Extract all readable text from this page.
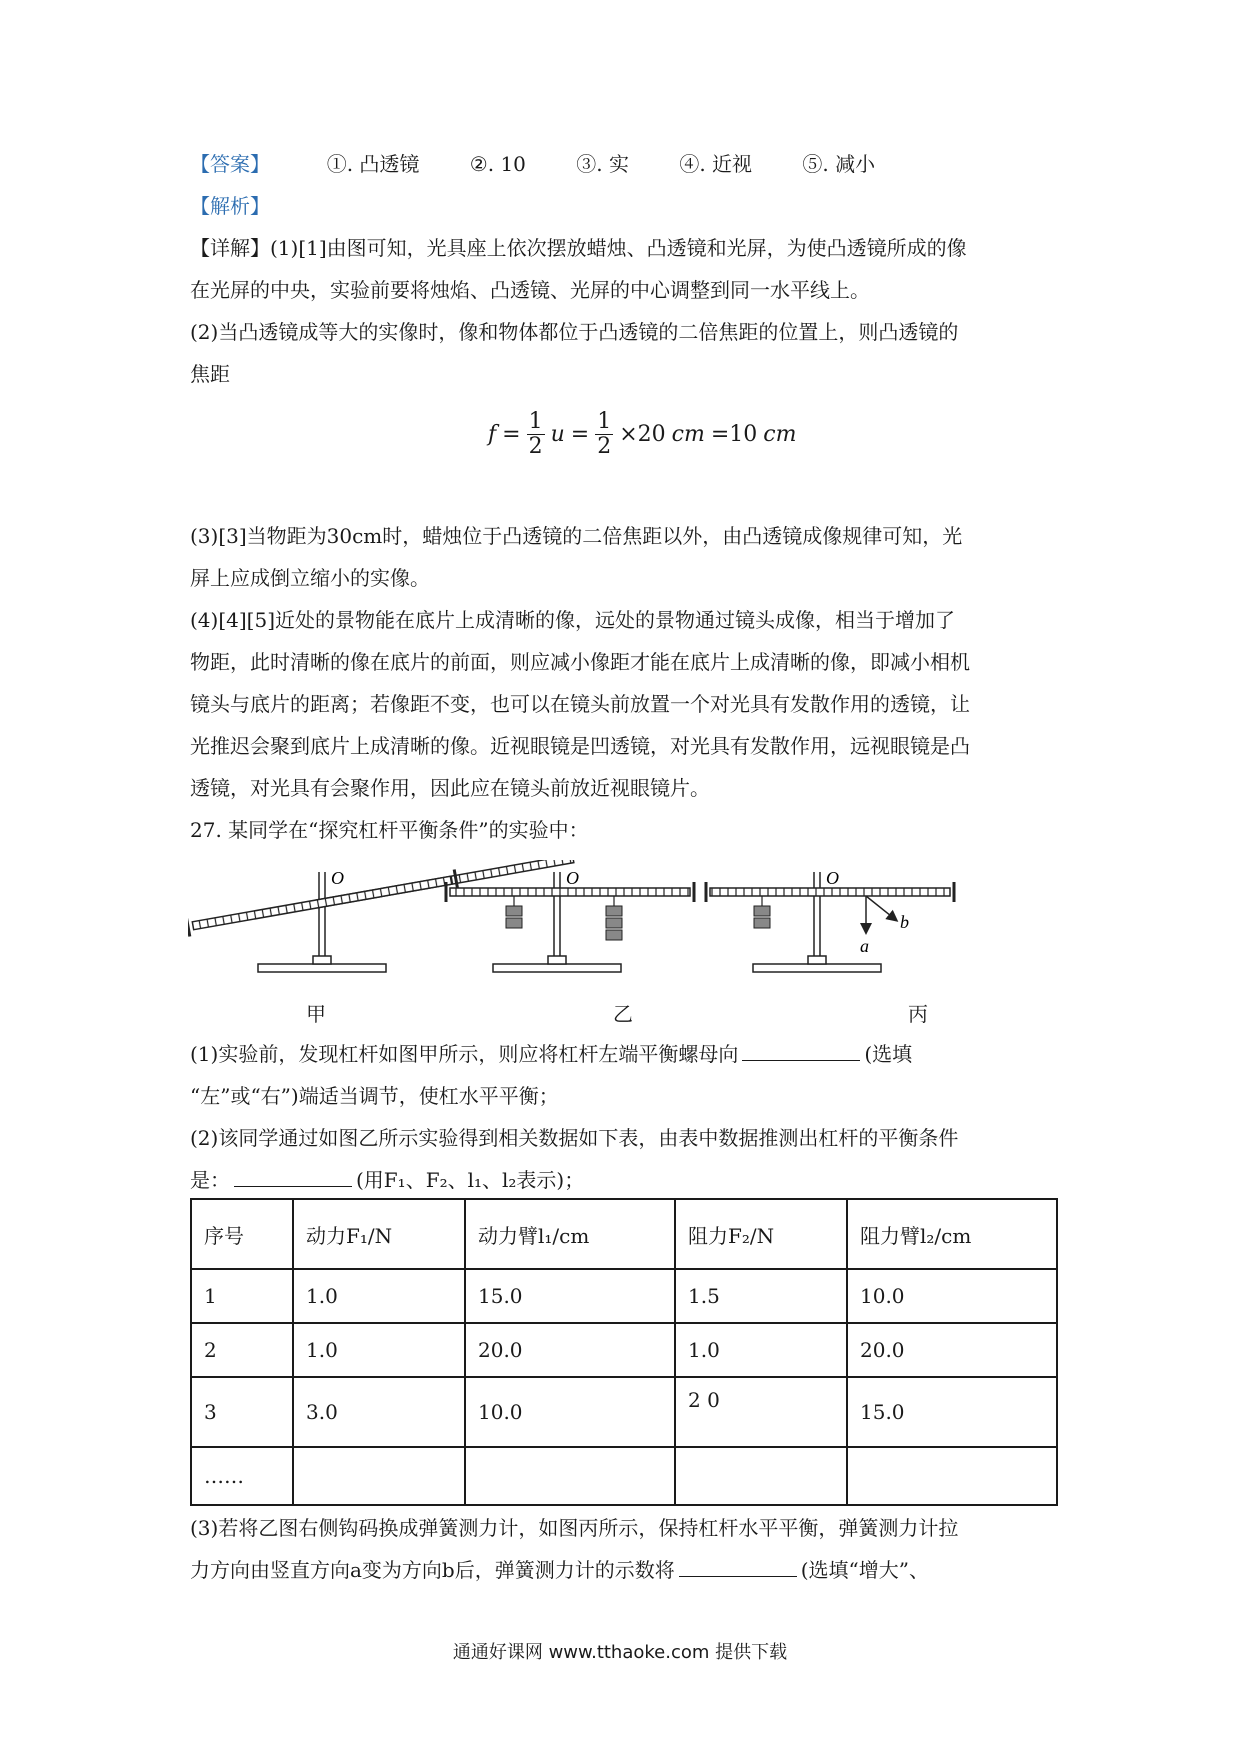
【答案】	①. 凸透镜	②. 10	③. 实	④. 近视	⑤. 减小
【解析】
【详解】(1)[1]由图可知，光具座上依次摆放蜡烛、凸透镜和光屏，为使凸透镜所成的像
在光屏的中央，实验前要将烛焰、凸透镜、光屏的中心调整到同一水平线上。
(2)当凸透镜成等大的实像时，像和物体都位于凸透镜的二倍焦距的位置上，则凸透镜的
焦距
$f = \frac{1}{2}$ $u = \frac{1}{2} \times 20$ cm =10 cm
(3)[3]当物距为30cm时，蜡烛位于凸透镜的二倍焦距以外，由凸透镜成像规律可知，光
屏上应成倒立缩小的实像。
(4)[4][5]近处的景物能在底片上成清晰的像，远处的景物通过镜头成像，相当于增加了
物距，此时清晰的像在底片的前面，则应减小像距才能在底片上成清晰的像，即减小相机
镜头与底片的距离；若像距不变，也可以在镜头前放置一个对光具有发散作用的透镜，让
光推迟会聚到底片上成清晰的像。近视眼镜是凹透镜，对光具有发散作用，远视眼镜是凸
透镜，对光具有会聚作用，因此应在镜头前放近视眼镜片。
27. 某同学在“探究杠杆平衡条件”的实验中：
O	O	O
a
b
甲	乙	丙
(1)实验前，发现杠杆如图甲所示，则应将杠杆左端平衡螺母向	(选填
“左”或“右”)端适当调节，使杠水平平衡；
(2)该同学通过如图乙所示实验得到相关数据如下表，由表中数据推测出杠杆的平衡条件
是：	(用F₁、F₂、l₁、l₂表示)；
序号	动力F₁/N	动力臂l₁/cm	阻力F₂/N	阻力臂l₂/cm
1	1.0	15.0	1.5	10.0
2	1.0	20.0	1.0	20.0
3	3.0	10.0	2 0	15.0
……				
(3)若将乙图右侧钩码换成弹簧测力计，如图丙所示，保持杠杆水平平衡，弹簧测力计拉
力方向由竖直方向a变为方向b后，弹簧测力计的示数将	(选填“增大”、
通通好课网 www.tthaoke.com 提供下载
